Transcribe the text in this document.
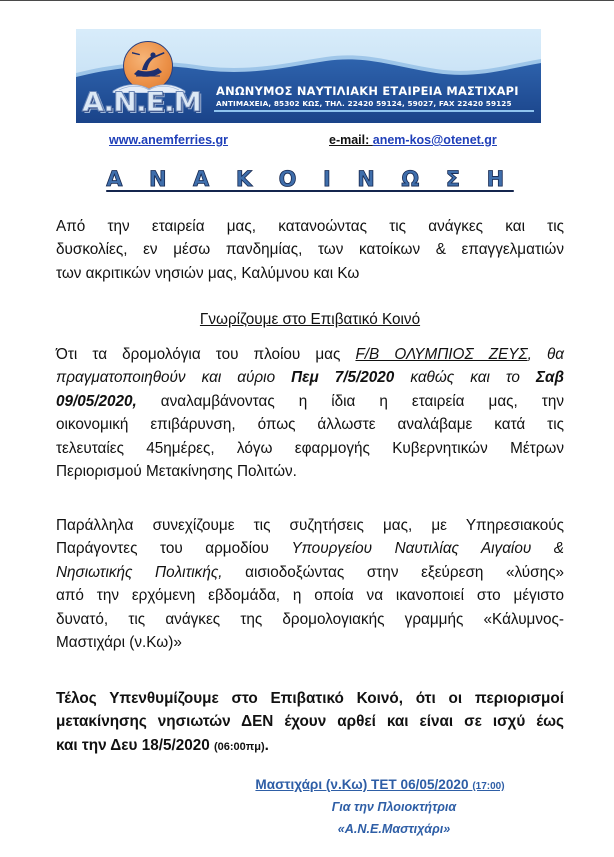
A.N.E.M ΑΝΩΝΥΜΟΣ ΝΑΥΤΙΛΙΑΚΗ ΕΤΑΙΡΕΙΑ ΜΑΣΤΙΧΑΡΙ
ΑΝΤΙΜΑΧΕΙΑ, 85302 ΚΩΣ, ΤΗΛ. 22420 59124, 59027, FAX 22420 59125
www.anemferries.gr	e-mail: anem-kos@otenet.gr
Α Ν Α Κ Ο Ι Ν Ω Σ Η
Από την εταιρεία μας, κατανοώντας τις ανάγκες και τις
δυσκολίες, εν μέσω πανδημίας, των κατοίκων & επαγγελματιών
των ακριτικών νησιών μας, Καλύμνου και Κω
Γνωρίζουμε στο Επιβατικό Κοινό
Ότι τα δρομολόγια του πλοίου μας F/B ΟΛΥΜΠΙΟΣ ΖΕΥΣ, θα
πραγματοποιηθούν και αύριο Πεμ 7/5/2020 καθώς και το Σαβ
09/05/2020, αναλαμβάνοντας η ίδια η εταιρεία μας, την
οικονομική επιβάρυνση, όπως άλλωστε αναλάβαμε κατά τις
τελευταίες 45ημέρες, λόγω εφαρμογής Κυβερνητικών Μέτρων
Περιορισμού Μετακίνησης Πολιτών.
Παράλληλα συνεχίζουμε τις συζητήσεις μας, με Υπηρεσιακούς
Παράγοντες του αρμοδίου Υπουργείου Ναυτιλίας Αιγαίου &
Νησιωτικής Πολιτικής, αισιοδοξώντας στην εξεύρεση «λύσης»
από την ερχόμενη εβδομάδα, η οποία να ικανοποιεί στο μέγιστο
δυνατό, τις ανάγκες της δρομολογιακής γραμμής «Κάλυμνος-
Μαστιχάρι (ν.Κω)»
Τέλος Υπενθυμίζουμε στο Επιβατικό Κοινό, ότι οι περιορισμοί
μετακίνησης νησιωτών ΔΕΝ έχουν αρθεί και είναι σε ισχύ έως
και την Δευ 18/5/2020 (06:00πμ).
Μαστιχάρι (ν.Κω) ΤΕΤ 06/05/2020 (17:00)
Για την Πλοιοκτήτρια
«Α.Ν.Ε.Μαστιχάρι»
